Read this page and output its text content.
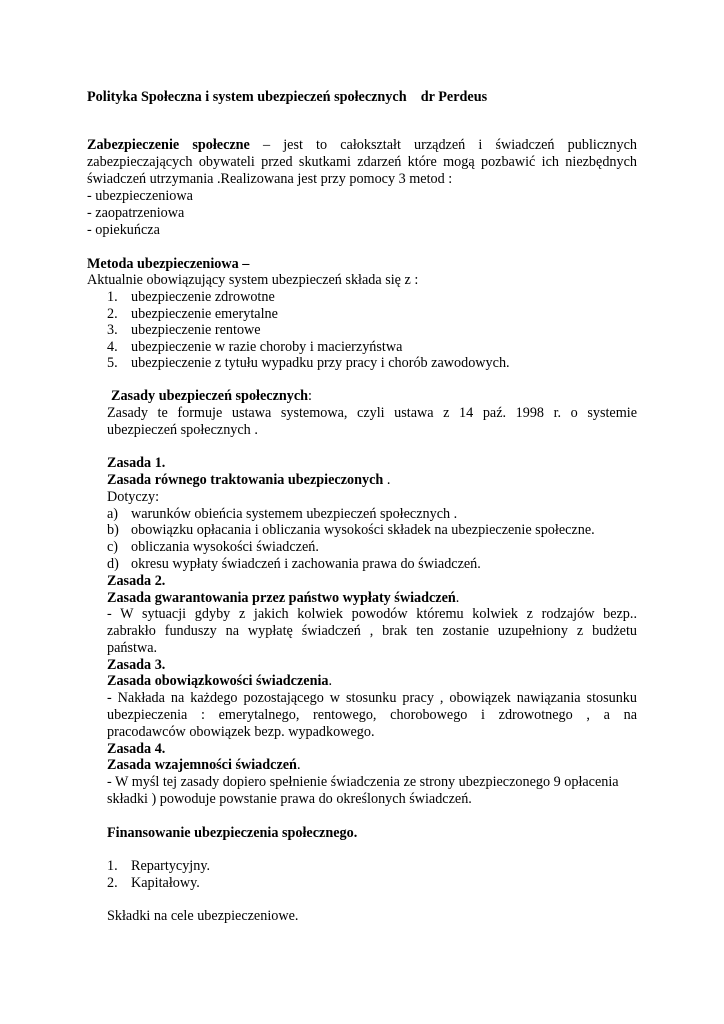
Polityka Społeczna i system ubezpieczeń społecznych    dr Perdeus
Zabezpieczenie społeczne – jest to całokształt urządzeń i świadczeń publicznych
zabezpieczających obywateli przed skutkami zdarzeń które mogą pozbawić ich niezbędnych
świadczeń utrzymania .Realizowana jest przy pomocy 3 metod :
- ubezpieczeniowa
- zaopatrzeniowa
- opiekuńcza
Metoda ubezpieczeniowa –
Aktualnie obowiązujący system ubezpieczeń składa się z :
1. ubezpieczenie zdrowotne
2. ubezpieczenie emerytalne
3. ubezpieczenie rentowe
4. ubezpieczenie w razie choroby i macierzyństwa
5. ubezpieczenie z tytułu wypadku przy pracy i chorób zawodowych.
Zasady ubezpieczeń społecznych:
Zasady te formuje ustawa systemowa, czyli ustawa z 14 paź. 1998 r. o systemie
ubezpieczeń społecznych .
Zasada 1.
Zasada równego traktowania ubezpieczonych .
Dotyczy:
a) warunków obieńcia systemem ubezpieczeń społecznych .
b) obowiązku opłacania i obliczania wysokości składek na ubezpieczenie społeczne.
c) obliczania wysokości świadczeń.
d) okresu wypłaty świadczeń i zachowania prawa do świadczeń.
Zasada 2.
Zasada gwarantowania przez państwo wypłaty świadczeń.
- W sytuacji gdyby z jakich kolwiek powodów któremu kolwiek z rodzajów bezp..
zabrakło funduszy na wypłatę świadczeń , brak ten zostanie uzupełniony z budżetu
państwa.
Zasada 3.
Zasada obowiązkowości świadczenia.
- Nakłada na każdego pozostającego w stosunku pracy , obowiązek nawiązania stosunku
ubezpieczenia : emerytalnego, rentowego, chorobowego i zdrowotnego , a na
pracodawców obowiązek bezp. wypadkowego.
Zasada 4.
Zasada wzajemności świadczeń.
- W myśl tej zasady dopiero spełnienie świadczenia ze strony ubezpieczonego 9 opłacenia
składki ) powoduje powstanie prawa do określonych świadczeń.
Finansowanie ubezpieczenia społecznego.
1. Repartycyjny.
2. Kapitałowy.
Składki na cele ubezpieczeniowe.
